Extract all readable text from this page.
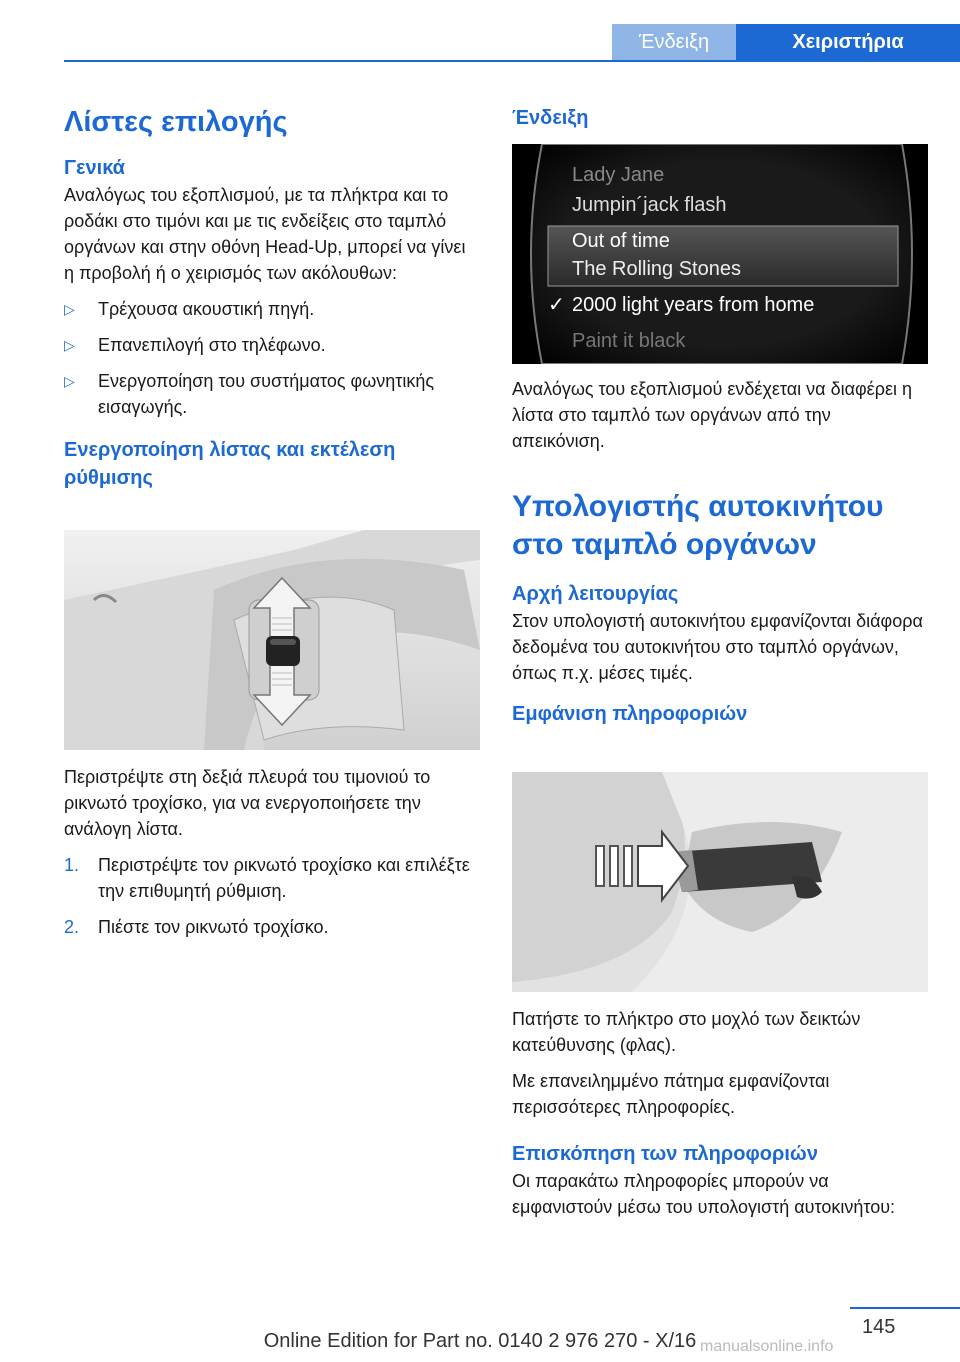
Ένδειξη	Χειριστήρια
Λίστες επιλογής
Γενικά

Αναλόγως του εξοπλισμού, με τα πλήκτρα και το ροδάκι στο τιμόνι και με τις ενδείξεις στο ταμπλό οργάνων και στην οθόνη Head-Up, μπορεί να γίνει η προβολή ή ο χειρισμός των ακόλουθων:

▷ Τρέχουσα ακουστική πηγή.
▷ Επανεπιλογή στο τηλέφωνο.
▷ Ενεργοποίηση του συστήματος φωνητικής εισαγωγής.
Ενεργοποίηση λίστας και εκτέλεση ρύθμισης

Περιστρέψτε στη δεξιά πλευρά του τιμονιού το ρικνωτό τροχίσκο, για να ενεργοποιήσετε την ανάλογη λίστα.

1. Περιστρέψτε τον ρικνωτό τροχίσκο και επιλέξτε την επιθυμητή ρύθμιση.
2. Πιέστε τον ρικνωτό τροχίσκο.
Ένδειξη
Lady Jane
Jumpin´jack flash
Out of time
The Rolling Stones
✓ 2000 light years from home
Paint it black

Αναλόγως του εξοπλισμού ενδέχεται να διαφέρει η λίστα στο ταμπλό των οργάνων από την απεικόνιση.

Υπολογιστής αυτοκινήτου στο ταμπλό οργάνων
Αρχή λειτουργίας

Στον υπολογιστή αυτοκινήτου εμφανίζονται διάφορα δεδομένα του αυτοκινήτου στο ταμπλό οργάνων, όπως π.χ. μέσες τιμές.

Εμφάνιση πληροφοριών

Πατήστε το πλήκτρο στο μοχλό των δεικτών κατεύθυνσης (φλας).

Με επανειλημμένο πάτημα εμφανίζονται περισσότερες πληροφορίες.

Επισκόπηση των πληροφοριών

Οι παρακάτω πληροφορίες μπορούν να εμφανιστούν μέσω του υπολογιστή αυτοκινήτου:

145
Online Edition for Part no. 0140 2 976 270 - X/16 manualsonline.info
